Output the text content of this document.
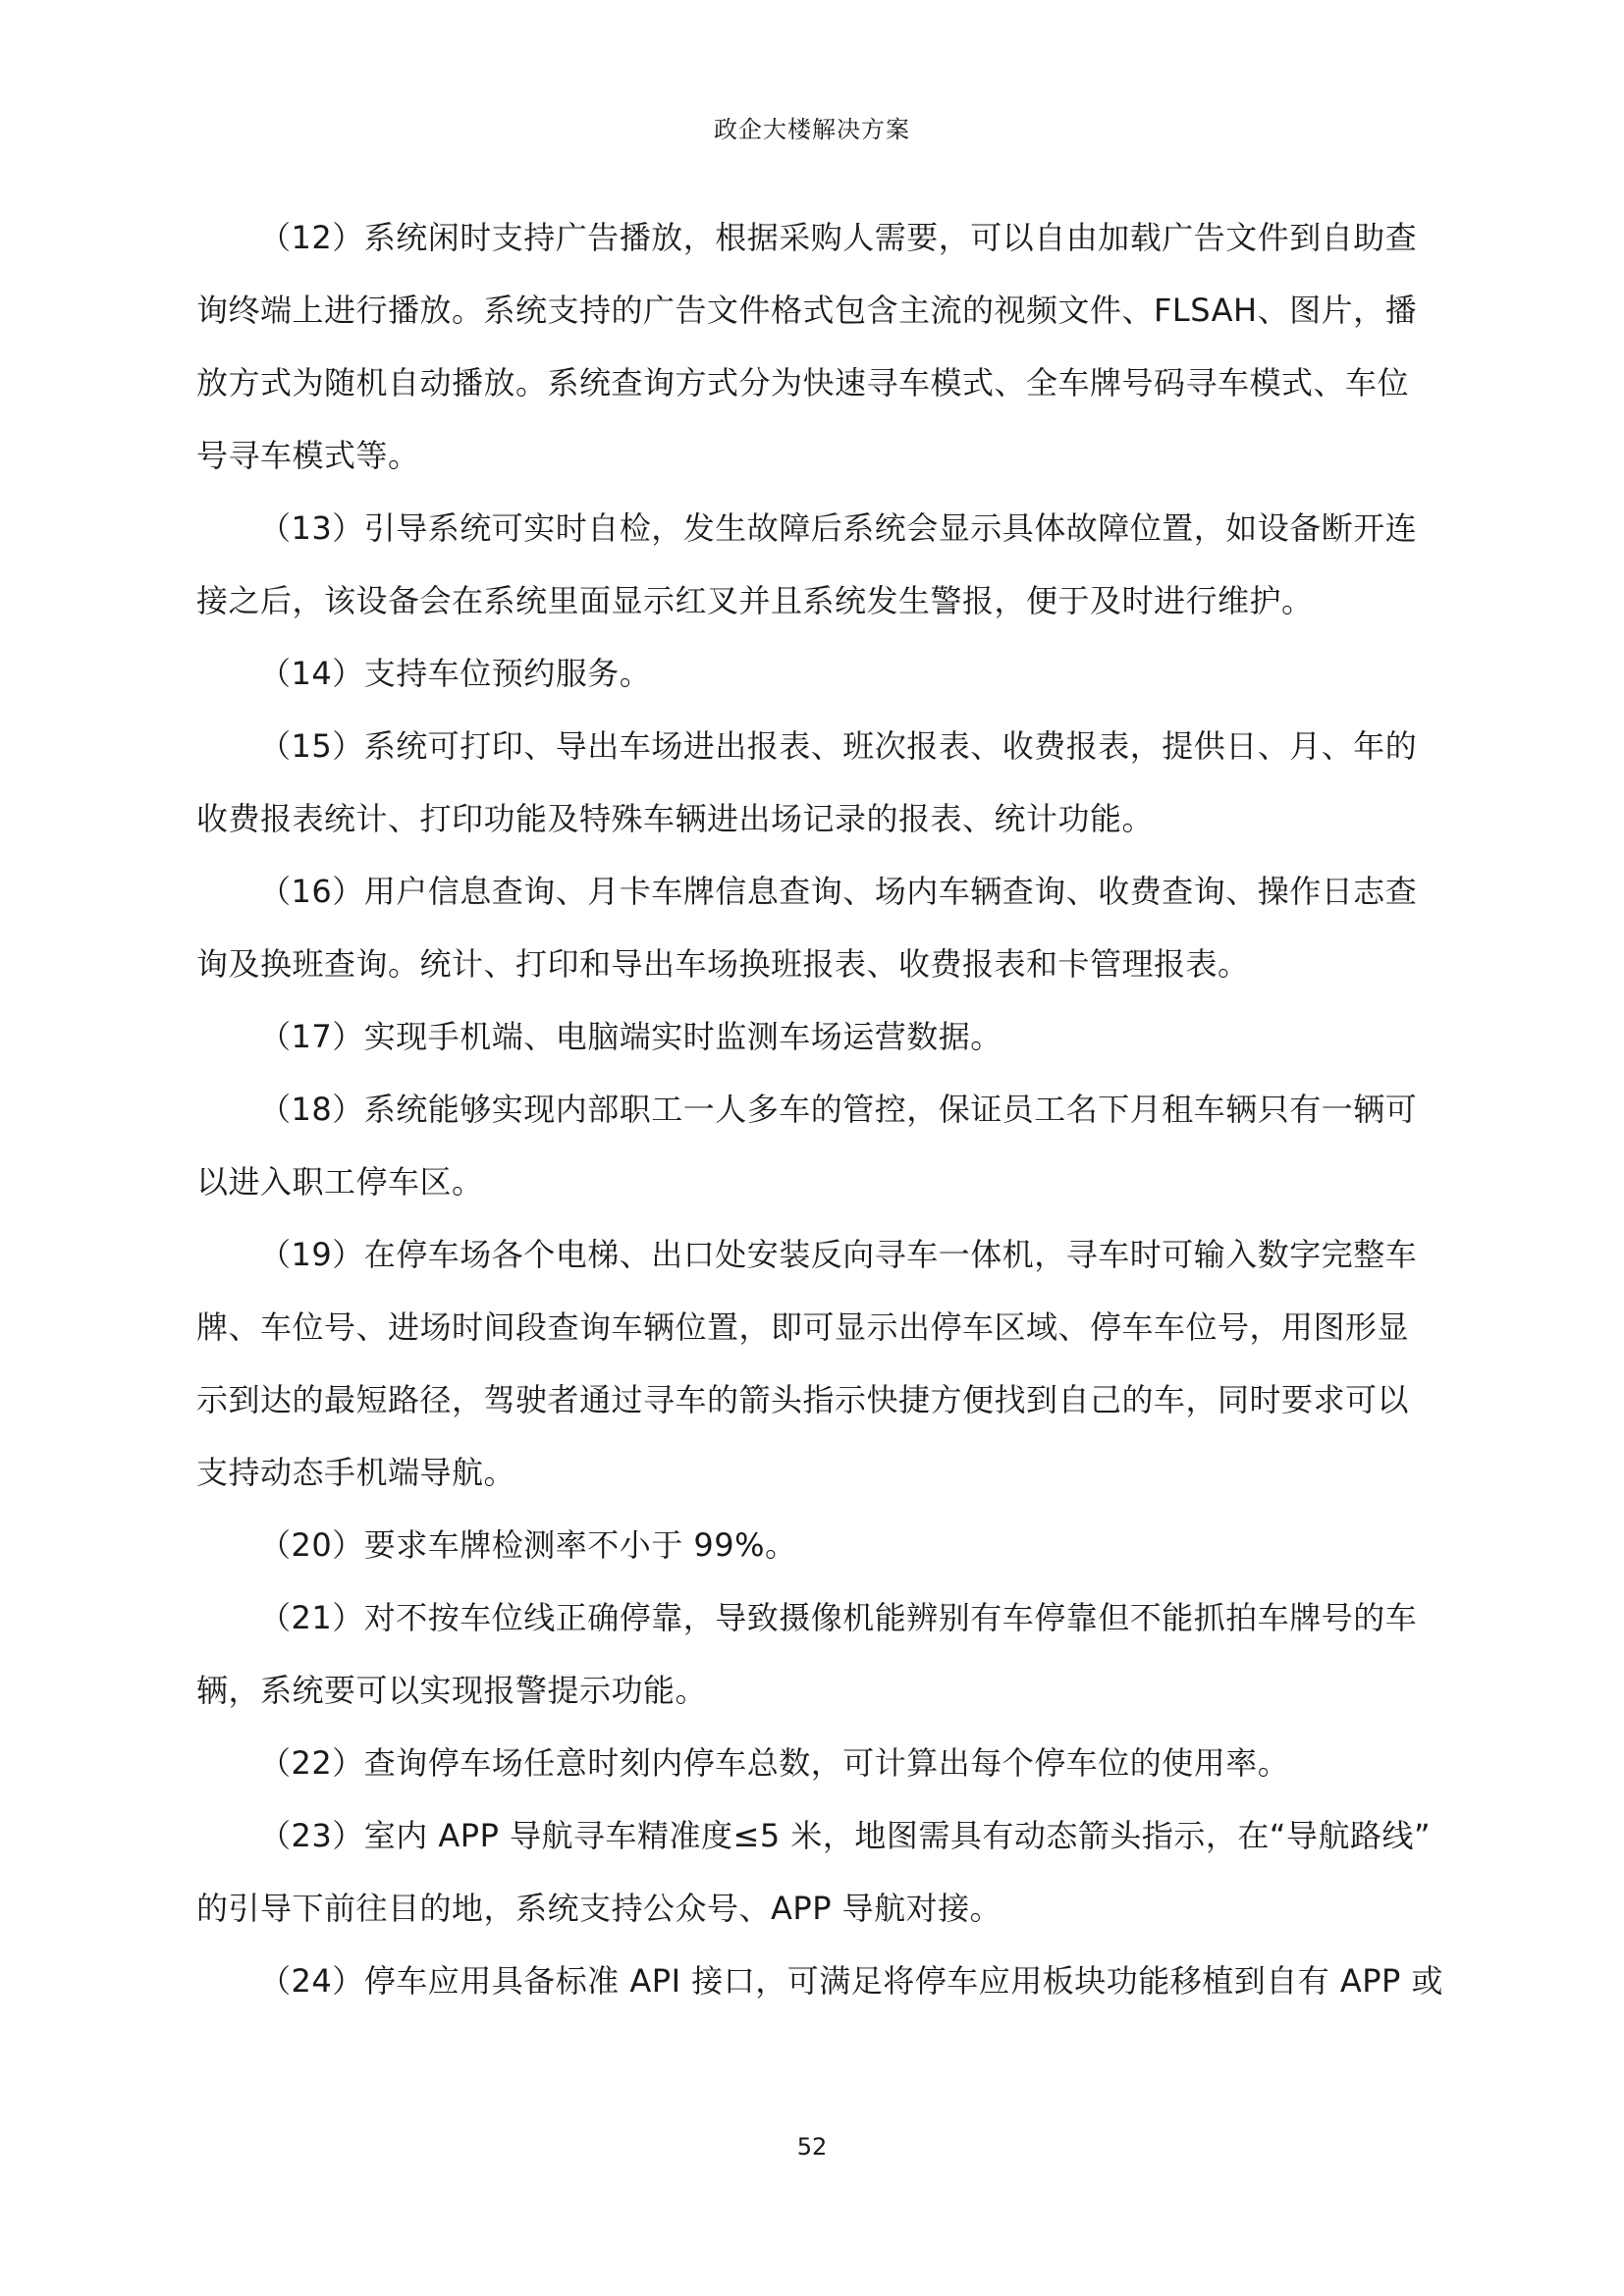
政企大楼解决方案
（12）系统闲时支持广告播放，根据采购人需要，可以自由加载广告文件到自助查
询终端上进行播放。系统支持的广告文件格式包含主流的视频文件、FLSAH、图片，播
放方式为随机自动播放。系统查询方式分为快速寻车模式、全车牌号码寻车模式、车位
号寻车模式等。
（13）引导系统可实时自检，发生故障后系统会显示具体故障位置，如设备断开连
接之后，该设备会在系统里面显示红叉并且系统发生警报，便于及时进行维护。
（14）支持车位预约服务。
（15）系统可打印、导出车场进出报表、班次报表、收费报表，提供日、月、年的
收费报表统计、打印功能及特殊车辆进出场记录的报表、统计功能。
（16）用户信息查询、月卡车牌信息查询、场内车辆查询、收费查询、操作日志查
询及换班查询。统计、打印和导出车场换班报表、收费报表和卡管理报表。
（17）实现手机端、电脑端实时监测车场运营数据。
（18）系统能够实现内部职工一人多车的管控，保证员工名下月租车辆只有一辆可
以进入职工停车区。
（19）在停车场各个电梯、出口处安装反向寻车一体机，寻车时可输入数字完整车
牌、车位号、进场时间段查询车辆位置，即可显示出停车区域、停车车位号，用图形显
示到达的最短路径，驾驶者通过寻车的箭头指示快捷方便找到自己的车，同时要求可以
支持动态手机端导航。
（20）要求车牌检测率不小于 99%。
（21）对不按车位线正确停靠，导致摄像机能辨别有车停靠但不能抓拍车牌号的车
辆，系统要可以实现报警提示功能。
（22）查询停车场任意时刻内停车总数，可计算出每个停车位的使用率。
（23）室内 APP 导航寻车精准度≤5 米，地图需具有动态箭头指示，在“导航路线”
的引导下前往目的地，系统支持公众号、APP 导航对接。
（24）停车应用具备标准 API 接口，可满足将停车应用板块功能移植到自有 APP 或
52
